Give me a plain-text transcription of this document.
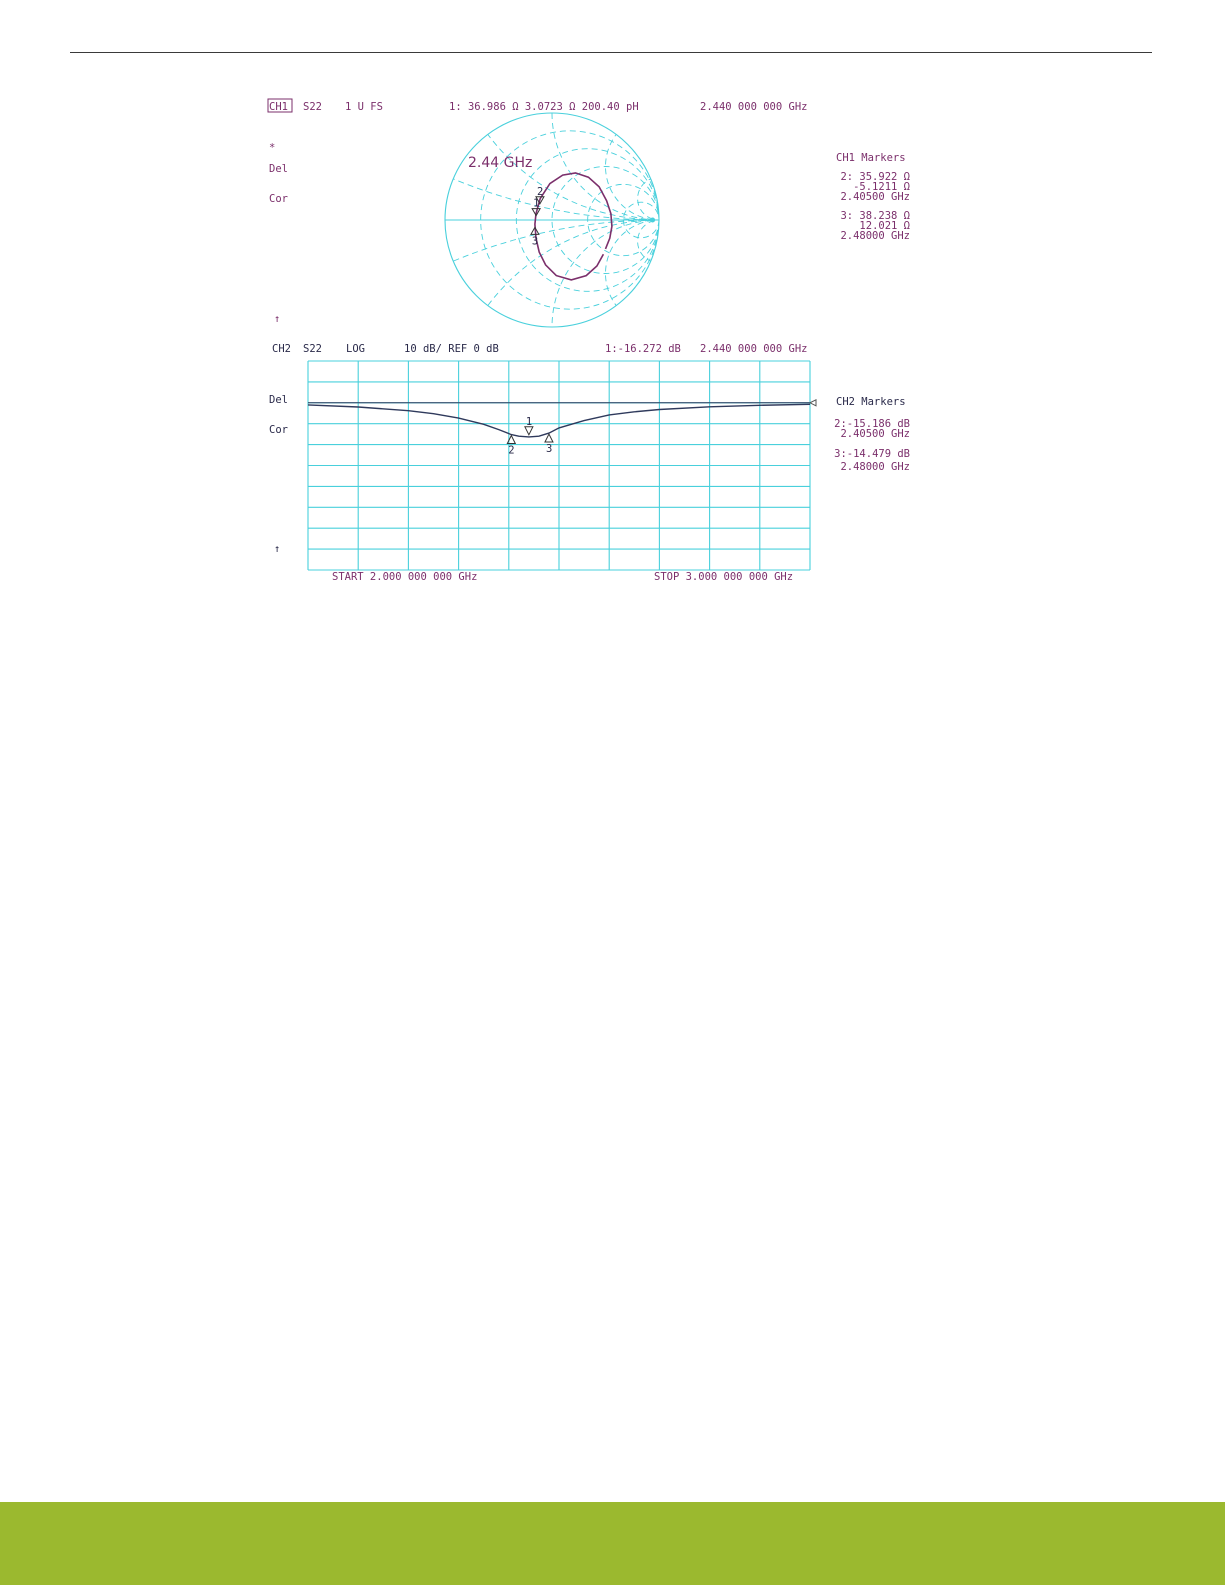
CH1 S22 1 U FS	1: 36.986 Ω 3.0723 Ω 200.40 pH	2.440 000 000 GHz
*
Del
Cor
↑
2.44 GHz
1
3
2
CH1 Markers
2: 35.922 Ω
-5.1211 Ω
2.40500 GHz
3: 38.238 Ω
12.021 Ω
2.48000 GHz
CH2 S22 LOG	10 dB/ REF 0 dB	1:-16.272 dB 2.440 000 000 GHz
Del
Cor
↑
1
2	3
START 2.000 000 000 GHz	STOP 3.000 000 000 GHz
CH2 Markers
2:-15.186 dB
2.40500 GHz
3:-14.479 dB
2.48000 GHz
